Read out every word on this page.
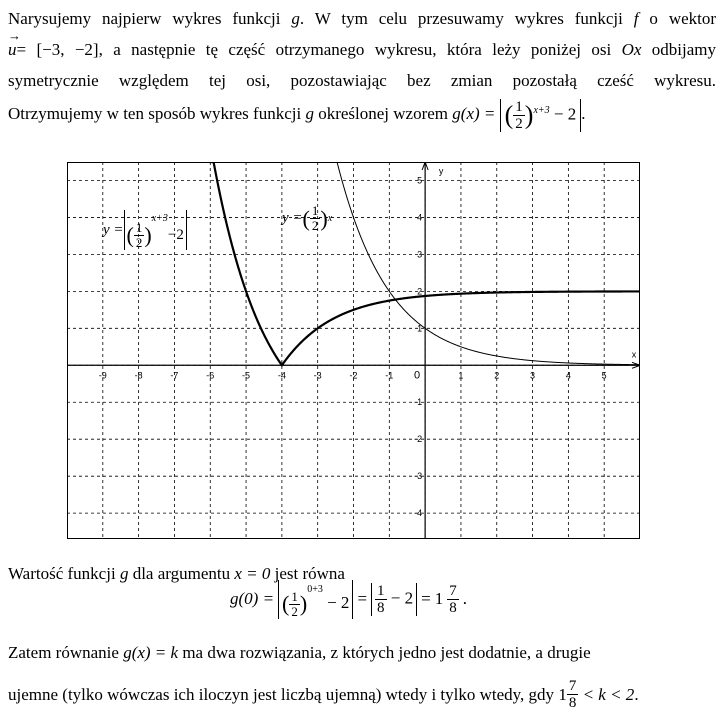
Narysujemy najpierw wykres funkcji g. W tym celu przesuwamy wykres funkcji f o wektor
→
u= [−3, −2], a następnie tę część otrzymanego wykresu, która leży poniżej osi Ox odbijamy
symetrycznie względem tej osi, pozostawiając bez zmian pozostałą cześć wykresu.
Otrzymujemy w ten sposób wykres funkcji g określonej wzorem g(x) = ( $\frac{1}{2} )^{x+3} - 2$ .
-9	-8	-7	-6	-5	-4	-3	-2	-1	1	2	3	4	5
5
4
3
2
1
-1
-2
-3
-4
0
x
y
y = ( $\frac{1}{2} )^{x+3}-2$
y = ( $\frac{1}{2}$ ) x
Wartość funkcji g dla argumentu x = 0 jest równa
g(0) = ( $\frac{1}{2} )^{0+3} - 2 = \frac{1}{8} - 2 = 1 \frac{7}{8}$ .
Zatem równanie g(x) = k ma dwa rozwiązania, z których jedno jest dodatnie, a drugie
ujemne (tylko wówczas ich iloczyn jest liczbą ujemną) wtedy i tylko wtedy, gdy
$1 \frac{7}{8}$
< k < 2 .
